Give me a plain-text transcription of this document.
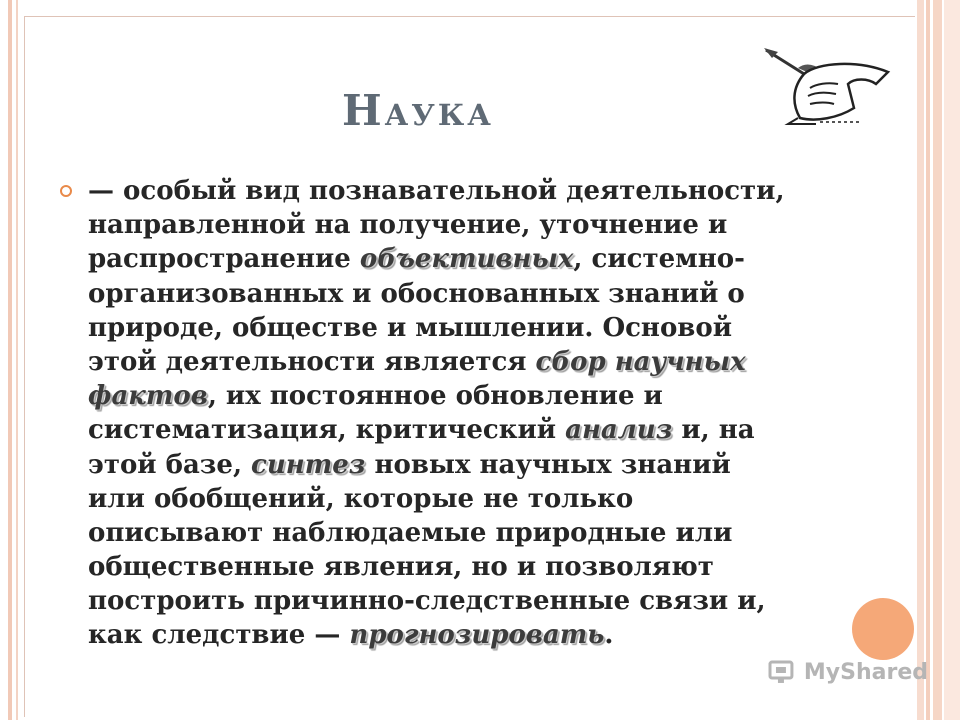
Наука
— особый вид познавательной деятельности,
направленной на получение, уточнение и
распространение объективных, системно-
организованных и обоснованных знаний о
природе, обществе и мышлении. Основой
этой деятельности является сбор научных
фактов, их постоянное обновление и
систематизация, критический анализ и, на
этой базе, синтез новых научных знаний
или обобщений, которые не только
описывают наблюдаемые природные или
общественные явления, но и позволяют
построить причинно-следственные связи и,
как следствие — прогнозировать.
MyShared
